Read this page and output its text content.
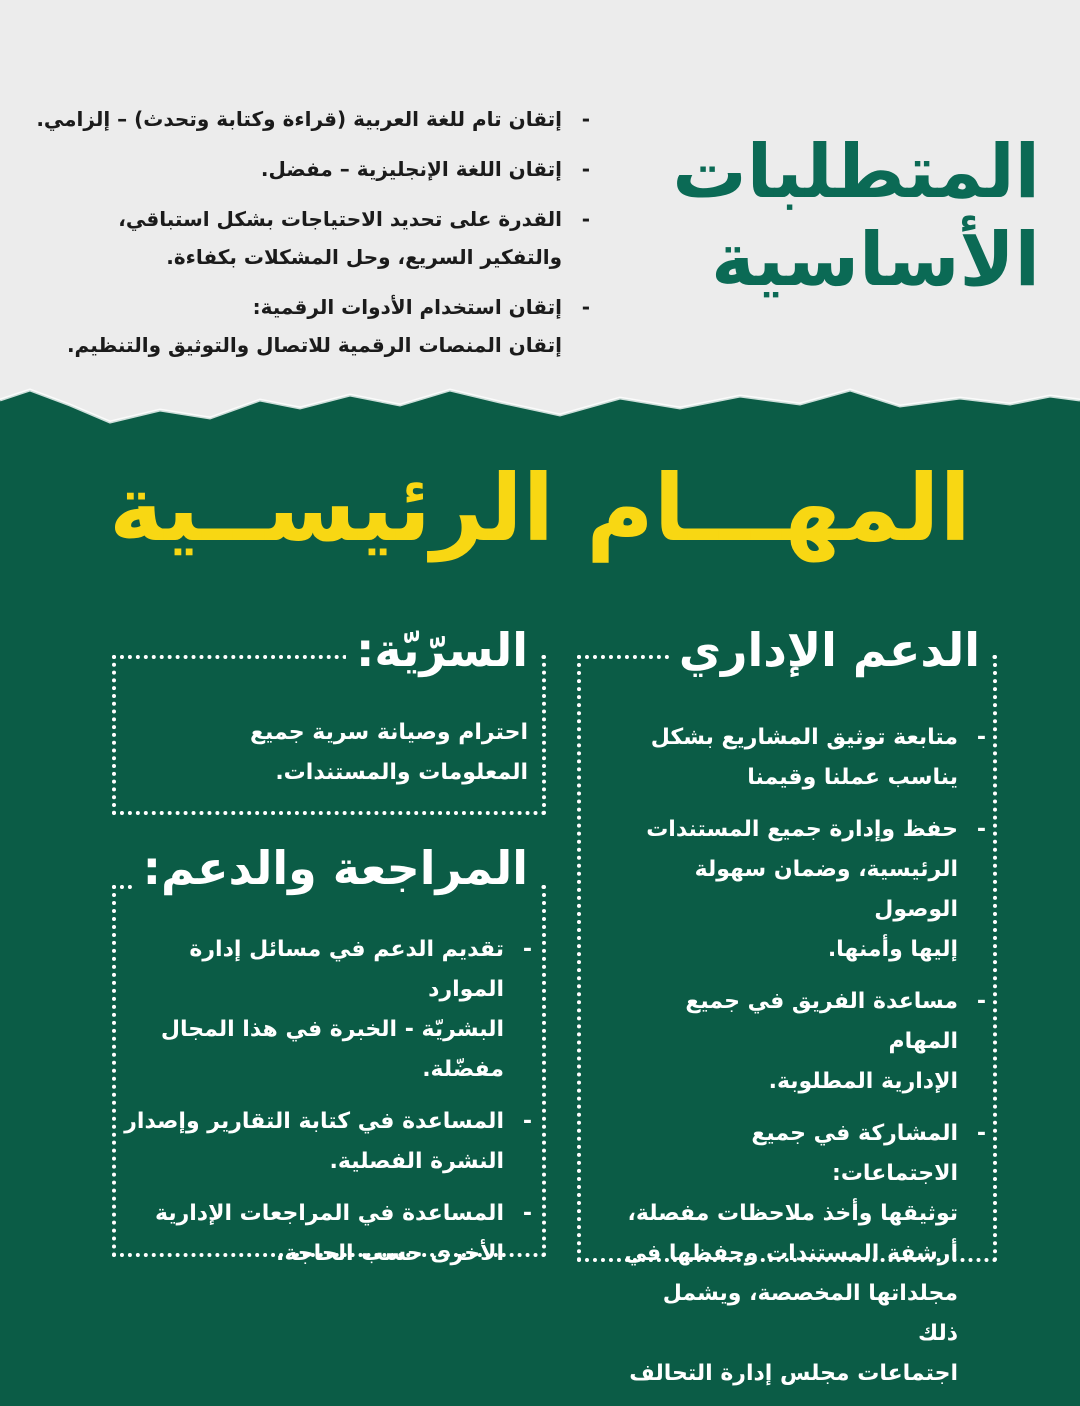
المتطلبات
الأساسية
- إتقان تام للغة العربية (قراءة وكتابة وتحدث) – إلزامي.
- إتقان اللغة الإنجليزية – مفضل.
- القدرة على تحديد الاحتياجات بشكل استباقي،
والتفكير السريع، وحل المشكلات بكفاءة.
- إتقان استخدام الأدوات الرقمية:
إتقان المنصات الرقمية للاتصال والتوثيق والتنظيم.
المهـــام الرئيســية
الدعم الإداري
- متابعة توثيق المشاريع بشكل
يناسب عملنا وقيمنا
- حفظ وإدارة جميع المستندات
الرئيسية، وضمان سهولة الوصول
إليها وأمنها.
- مساعدة الفريق في جميع المهام
الإدارية المطلوبة.
- المشاركة في جميع الاجتماعات:
توثيقها وأخذ ملاحظات مفصلة،
أرشفة المستندات وحفظها في
مجلداتها المخصصة، ويشمل ذلك
اجتماعات مجلس إدارة التحالف
السرّيّة:
احترام وصيانة سرية جميع
المعلومات والمستندات.
المراجعة والدعم:
- تقديم الدعم في مسائل إدارة الموارد
البشريّة - الخبرة في هذا المجال
مفضّلة.
- المساعدة في كتابة التقارير وإصدار
النشرة الفصلية.
- المساعدة في المراجعات الإدارية
الأخرى حسب الحاجة.
